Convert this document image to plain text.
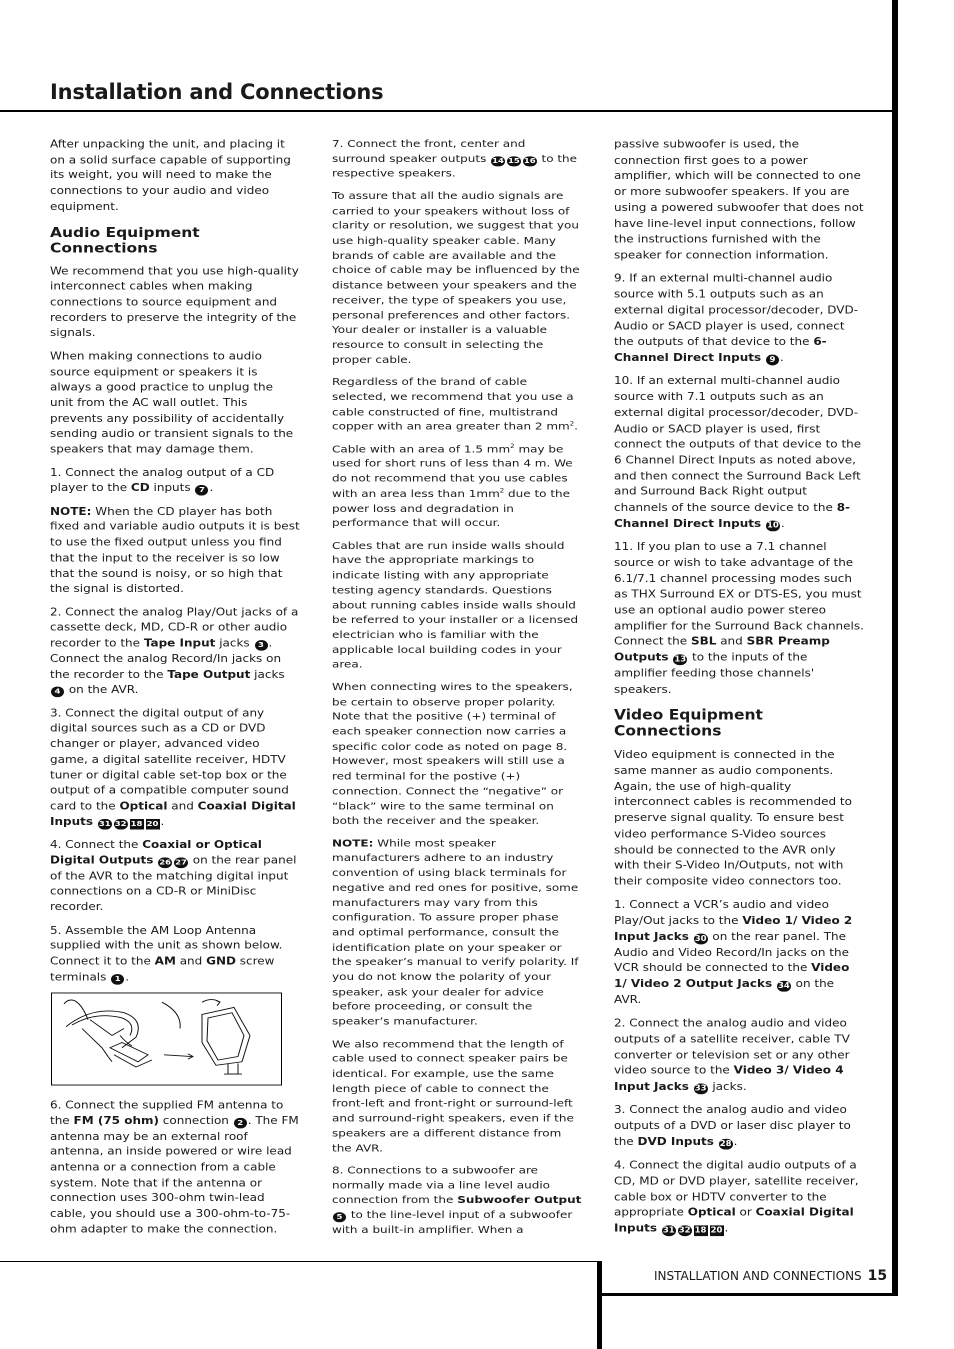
Installation and Connections

After unpacking the unit, and placing it on a solid surface capable of supporting its weight, you will need to make the connections to your audio and video equipment.

Audio Equipment Connections

We recommend that you use high-quality interconnect cables when making connections to source equipment and recorders to preserve the integrity of the signals.

When making connections to audio source equipment or speakers it is always a good practice to unplug the unit from the AC wall outlet. This prevents any possibility of accidentally sending audio or transient signals to the speakers that may damage them.

1. Connect the analog output of a CD player to the CD inputs 7 .

NOTE: When the CD player has both fixed and variable audio outputs it is best to use the fixed output unless you find that the input to the receiver is so low that the sound is noisy, or so high that the signal is distorted.

2. Connect the analog Play/Out jacks of a cassette deck, MD, CD-R or other audio recorder to the Tape Input jacks 3 . Connect the analog Record/In jacks on the recorder to the Tape Output jacks 4 on the AVR.

3. Connect the digital output of any digital sources such as a CD or DVD changer or player, advanced video game, a digital satellite receiver, HDTV tuner or digital cable set-top box or the output of a compatible computer sound card to the Optical and Coaxial Digital Inputs 31 32 18 20 .

4. Connect the Coaxial or Optical Digital Outputs 26 27 on the rear panel of the AVR to the matching digital input connections on a CD-R or MiniDisc recorder.

5. Assemble the AM Loop Antenna supplied with the unit as shown below. Connect it to the AM and GND screw terminals 1 .

6. Connect the supplied FM antenna to the FM (75 ohm) connection 2 . The FM antenna may be an external roof antenna, an inside powered or wire lead antenna or a connection from a cable system. Note that if the antenna or connection uses 300-ohm twin-lead cable, you should use a 300-ohm-to-75-ohm adapter to make the connection.

7. Connect the front, center and surround speaker outputs 14 15 16 to the respective speakers.

To assure that all the audio signals are carried to your speakers without loss of clarity or resolution, we suggest that you use high-quality speaker cable. Many brands of cable are available and the choice of cable may be influenced by the distance between your speakers and the receiver, the type of speakers you use, personal preferences and other factors. Your dealer or installer is a valuable resource to consult in selecting the proper cable.

Regardless of the brand of cable selected, we recommend that you use a cable constructed of fine, multistrand copper with an area greater than 2 $mm^2$.

Cable with an area of 1.5 $mm^2$ may be used for short runs of less than 4 m. We do not recommend that you use cables with an area less than $1mm^2$ due to the power loss and degradation in performance that will occur.

Cables that are run inside walls should have the appropriate markings to indicate listing with any appropriate testing agency standards. Questions about running cables inside walls should be referred to your installer or a licensed electrician who is familiar with the applicable local building codes in your area.

When connecting wires to the speakers, be certain to observe proper polarity. Note that the positive (+) terminal of each speaker connection now carries a specific color code as noted on page 8. However, most speakers will still use a red terminal for the postive (+) connection. Connect the “negative” or “black” wire to the same terminal on both the receiver and the speaker.

NOTE: While most speaker manufacturers adhere to an industry convention of using black terminals for negative and red ones for positive, some manufacturers may vary from this configuration. To assure proper phase and optimal performance, consult the identification plate on your speaker or the speaker’s manual to verify polarity. If you do not know the polarity of your speaker, ask your dealer for advice before proceeding, or consult the speaker’s manufacturer.

We also recommend that the length of cable used to connect speaker pairs be identical. For example, use the same length piece of cable to connect the front-left and front-right or surround-left and surround-right speakers, even if the speakers are a different distance from the AVR.

8. Connections to a subwoofer are normally made via a line level audio connection from the Subwoofer Output 5 to the line-level input of a subwoofer with a built-in amplifier. When a

passive subwoofer is used, the connection first goes to a power amplifier, which will be connected to one or more subwoofer speakers. If you are using a powered subwoofer that does not have line-level input connections, follow the instructions furnished with the speaker for connection information.

9. If an external multi-channel audio source with 5.1 outputs such as an external digital processor/decoder, DVD-Audio or SACD player is used, connect the outputs of that device to the 6-Channel Direct Inputs 9 .

10. If an external multi-channel audio source with 7.1 outputs such as an external digital processor/decoder, DVD-Audio or SACD player is used, first connect the outputs of that device to the 6 Channel Direct Inputs as noted above, and then connect the Surround Back Left and Surround Back Right output channels of the source device to the 8-Channel Direct Inputs 10 .

11. If you plan to use a 7.1 channel source or wish to take advantage of the 6.1/7.1 channel processing modes such as THX Surround EX or DTS-ES, you must use an optional audio power stereo amplifier for the Surround Back channels. Connect the SBL and SBR Preamp Outputs 13 to the inputs of the amplifier feeding those channels' speakers.

Video Equipment Connections

Video equipment is connected in the same manner as audio components. Again, the use of high-quality interconnect cables is recommended to preserve signal quality. To ensure best video performance S-Video sources should be connected to the AVR only with their S-Video In/Outputs, not with their composite video connectors too.

1. Connect a VCR’s audio and video Play/Out jacks to the Video 1/ Video 2 Input Jacks 30 on the rear panel. The Audio and Video Record/In jacks on the VCR should be connected to the Video 1/ Video 2 Output Jacks 34 on the AVR.

2. Connect the analog audio and video outputs of a satellite receiver, cable TV converter or television set or any other video source to the Video 3/ Video 4 Input Jacks 33 jacks.

3. Connect the analog audio and video outputs of a DVD or laser disc player to the DVD Inputs 28 .

4. Connect the digital audio outputs of a CD, MD or DVD player, satellite receiver, cable box or HDTV converter to the appropriate Optical or Coaxial Digital Inputs 31 32 18 20 .

INSTALLATION AND CONNECTIONS 15
